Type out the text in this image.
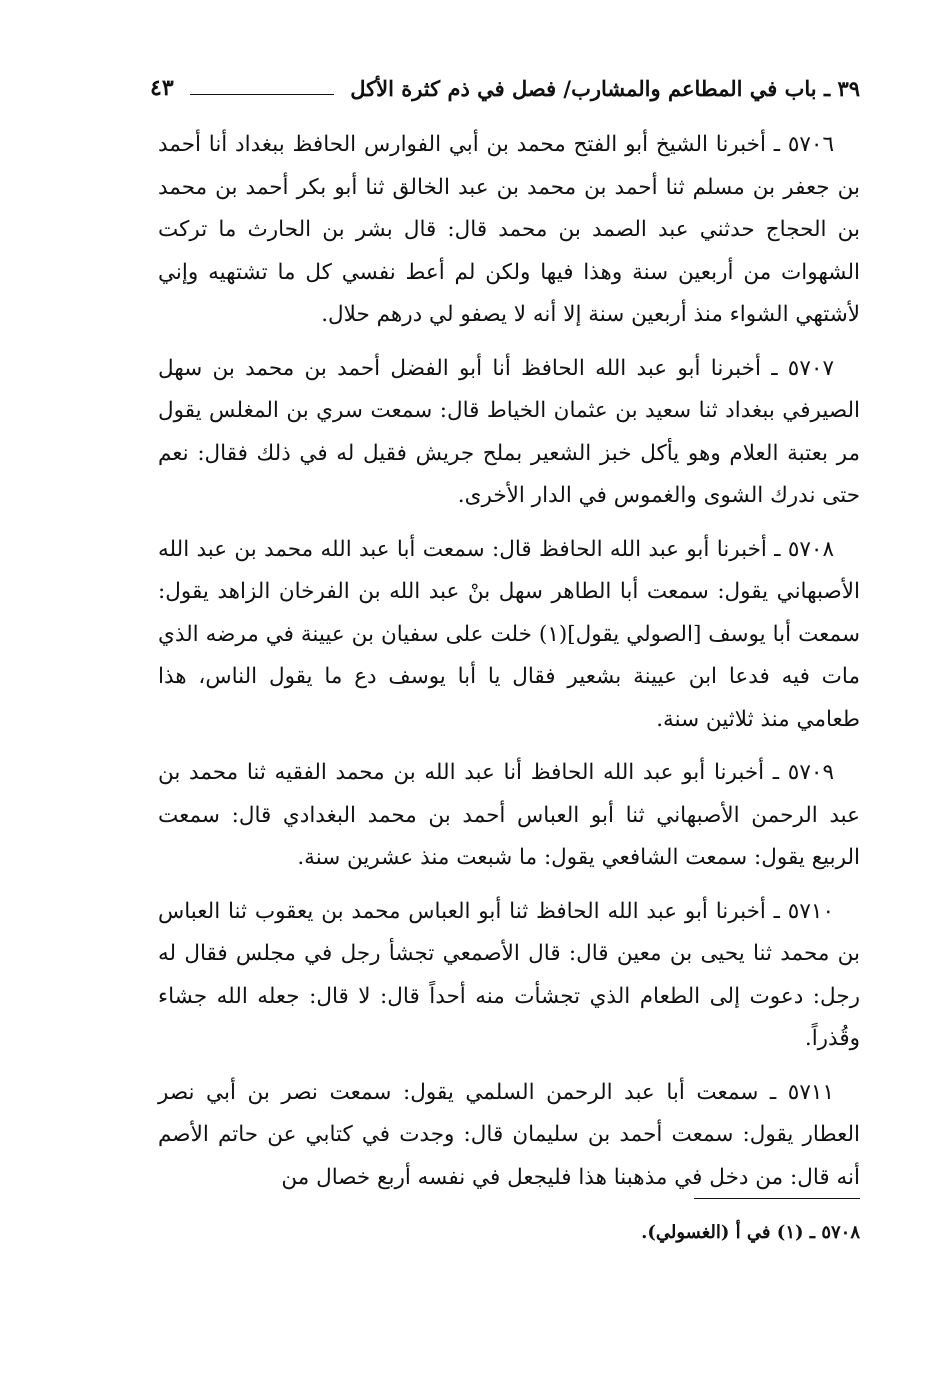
٣٩ ـ باب في المطاعم والمشارب/ فصل في ذم كثرة الأكل
٤٣

٥٧٠٦ ـ أخبرنا الشيخ أبو الفتح محمد بن أبي الفوارس الحافظ ببغداد أنا أحمد بن جعفر بن مسلم ثنا أحمد بن محمد بن عبد الخالق ثنا أبو بكر أحمد بن محمد بن الحجاج حدثني عبد الصمد بن محمد قال: قال بشر بن الحارث ما تركت الشهوات من أربعين سنة وهذا فيها ولكن لم أعط نفسي كل ما تشتهيه وإني لأشتهي الشواء منذ أربعين سنة إلا أنه لا يصفو لي درهم حلال.

٥٧٠٧ ـ أخبرنا أبو عبد الله الحافظ أنا أبو الفضل أحمد بن محمد بن سهل الصيرفي ببغداد ثنا سعيد بن عثمان الخياط قال: سمعت سري بن المغلس يقول مر بعتبة العلام وهو يأكل خبز الشعير بملح جريش فقيل له في ذلك فقال: نعم حتى ندرك الشوى والغموس في الدار الأخرى.

٥٧٠٨ ـ أخبرنا أبو عبد الله الحافظ قال: سمعت أبا عبد الله محمد بن عبد الله الأصبهاني يقول: سمعت أبا الطاهر سهل بنْ عبد الله بن الفرخان الزاهد يقول: سمعت أبا يوسف [الصولي يقول](١) خلت على سفيان بن عيينة في مرضه الذي مات فيه فدعا ابن عيينة بشعير فقال يا أبا يوسف دع ما يقول الناس، هذا طعامي منذ ثلاثين سنة.

٥٧٠٩ ـ أخبرنا أبو عبد الله الحافظ أنا عبد الله بن محمد الفقيه ثنا محمد بن عبد الرحمن الأصبهاني ثنا أبو العباس أحمد بن محمد البغدادي قال: سمعت الربيع يقول: سمعت الشافعي يقول: ما شبعت منذ عشرين سنة.

٥٧١٠ ـ أخبرنا أبو عبد الله الحافظ ثنا أبو العباس محمد بن يعقوب ثنا العباس بن محمد ثنا يحيى بن معين قال: قال الأصمعي تجشأ رجل في مجلس فقال له رجل: دعوت إلى الطعام الذي تجشأت منه أحداً قال: لا قال: جعله الله جشاء وقُذراً.

٥٧١١ ـ سمعت أبا عبد الرحمن السلمي يقول: سمعت نصر بن أبي نصر العطار يقول: سمعت أحمد بن سليمان قال: وجدت في كتابي عن حاتم الأصم أنه قال: من دخل في مذهبنا هذا فليجعل في نفسه أربع خصال من

٥٧٠٨ ـ (١) في أ (الغسولي).
